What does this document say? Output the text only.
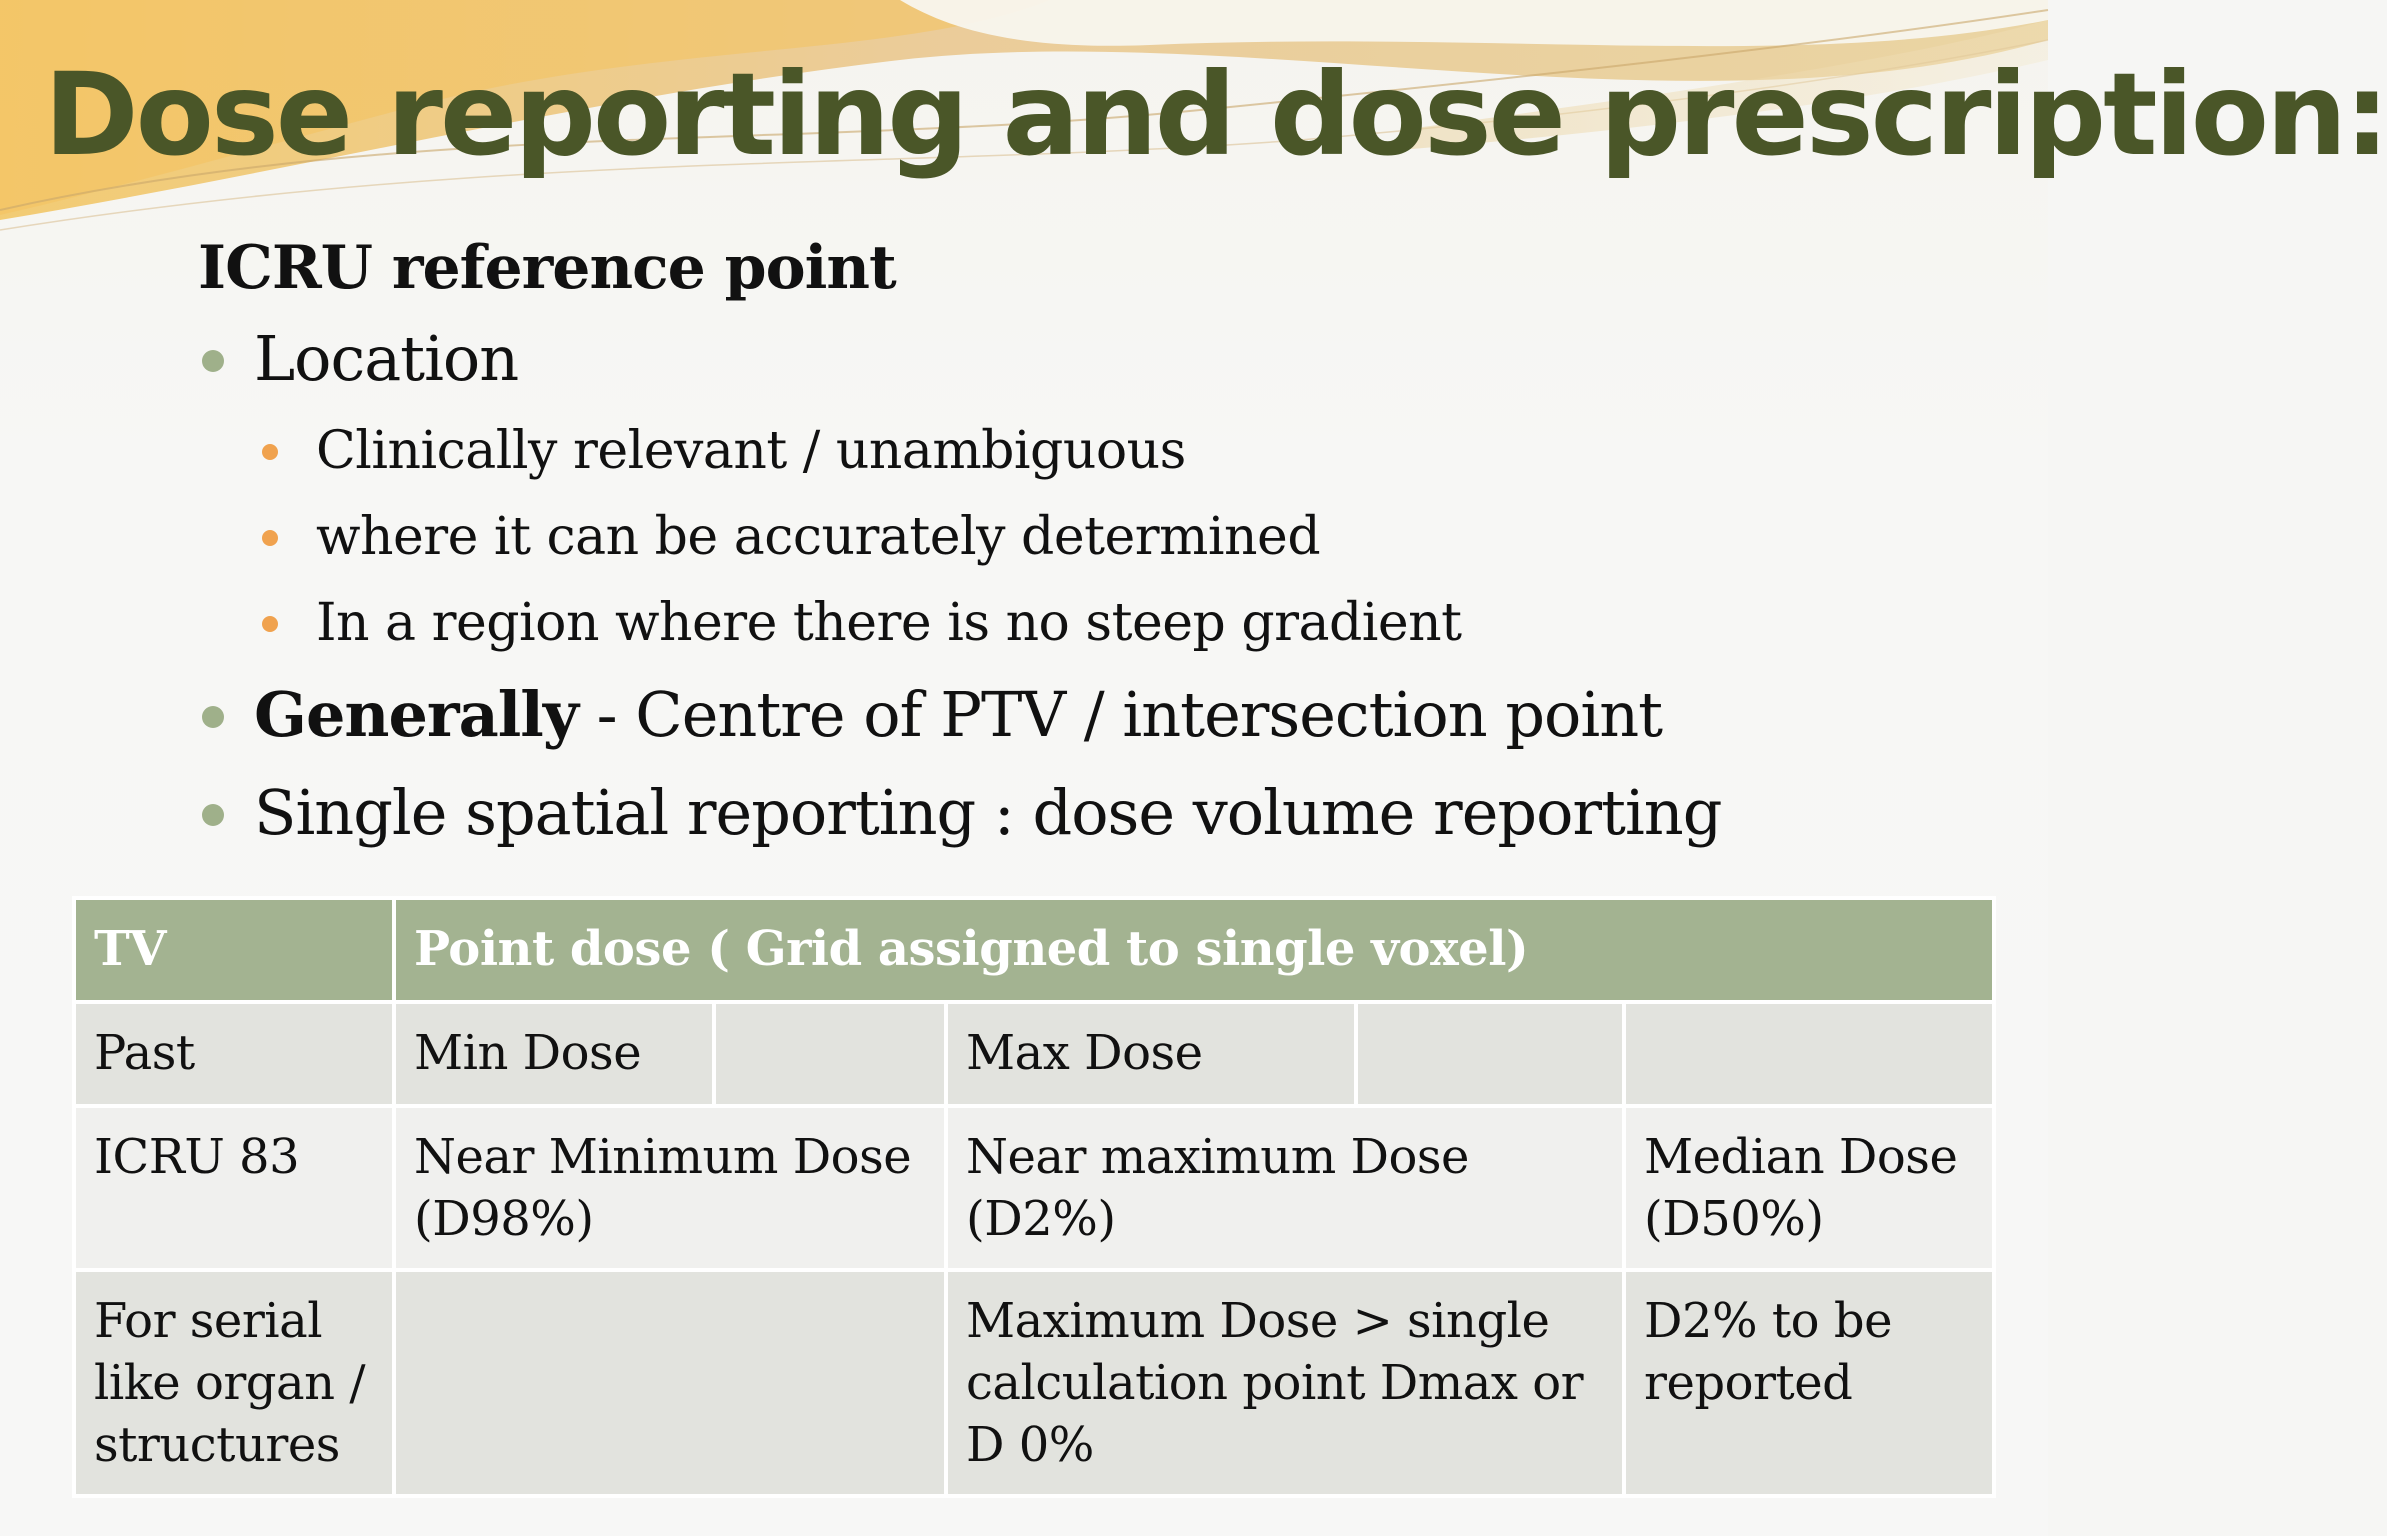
Dose reporting and dose prescription:
ICRU reference point
Location
Clinically relevant / unambiguous
where it can be accurately determined
In a region where there is no steep gradient
Generally - Centre of PTV / intersection point
Single spatial reporting : dose volume reporting
TV	Point dose ( Grid assigned to single voxel)				
Past	Min Dose		Max Dose		
ICRU 83	Near Minimum Dose (D98%)		Near maximum Dose (D2%)		Median Dose (D50%)
For serial like organ / structures			Maximum Dose > single calculation point Dmax or D 0%		D2% to be reported
